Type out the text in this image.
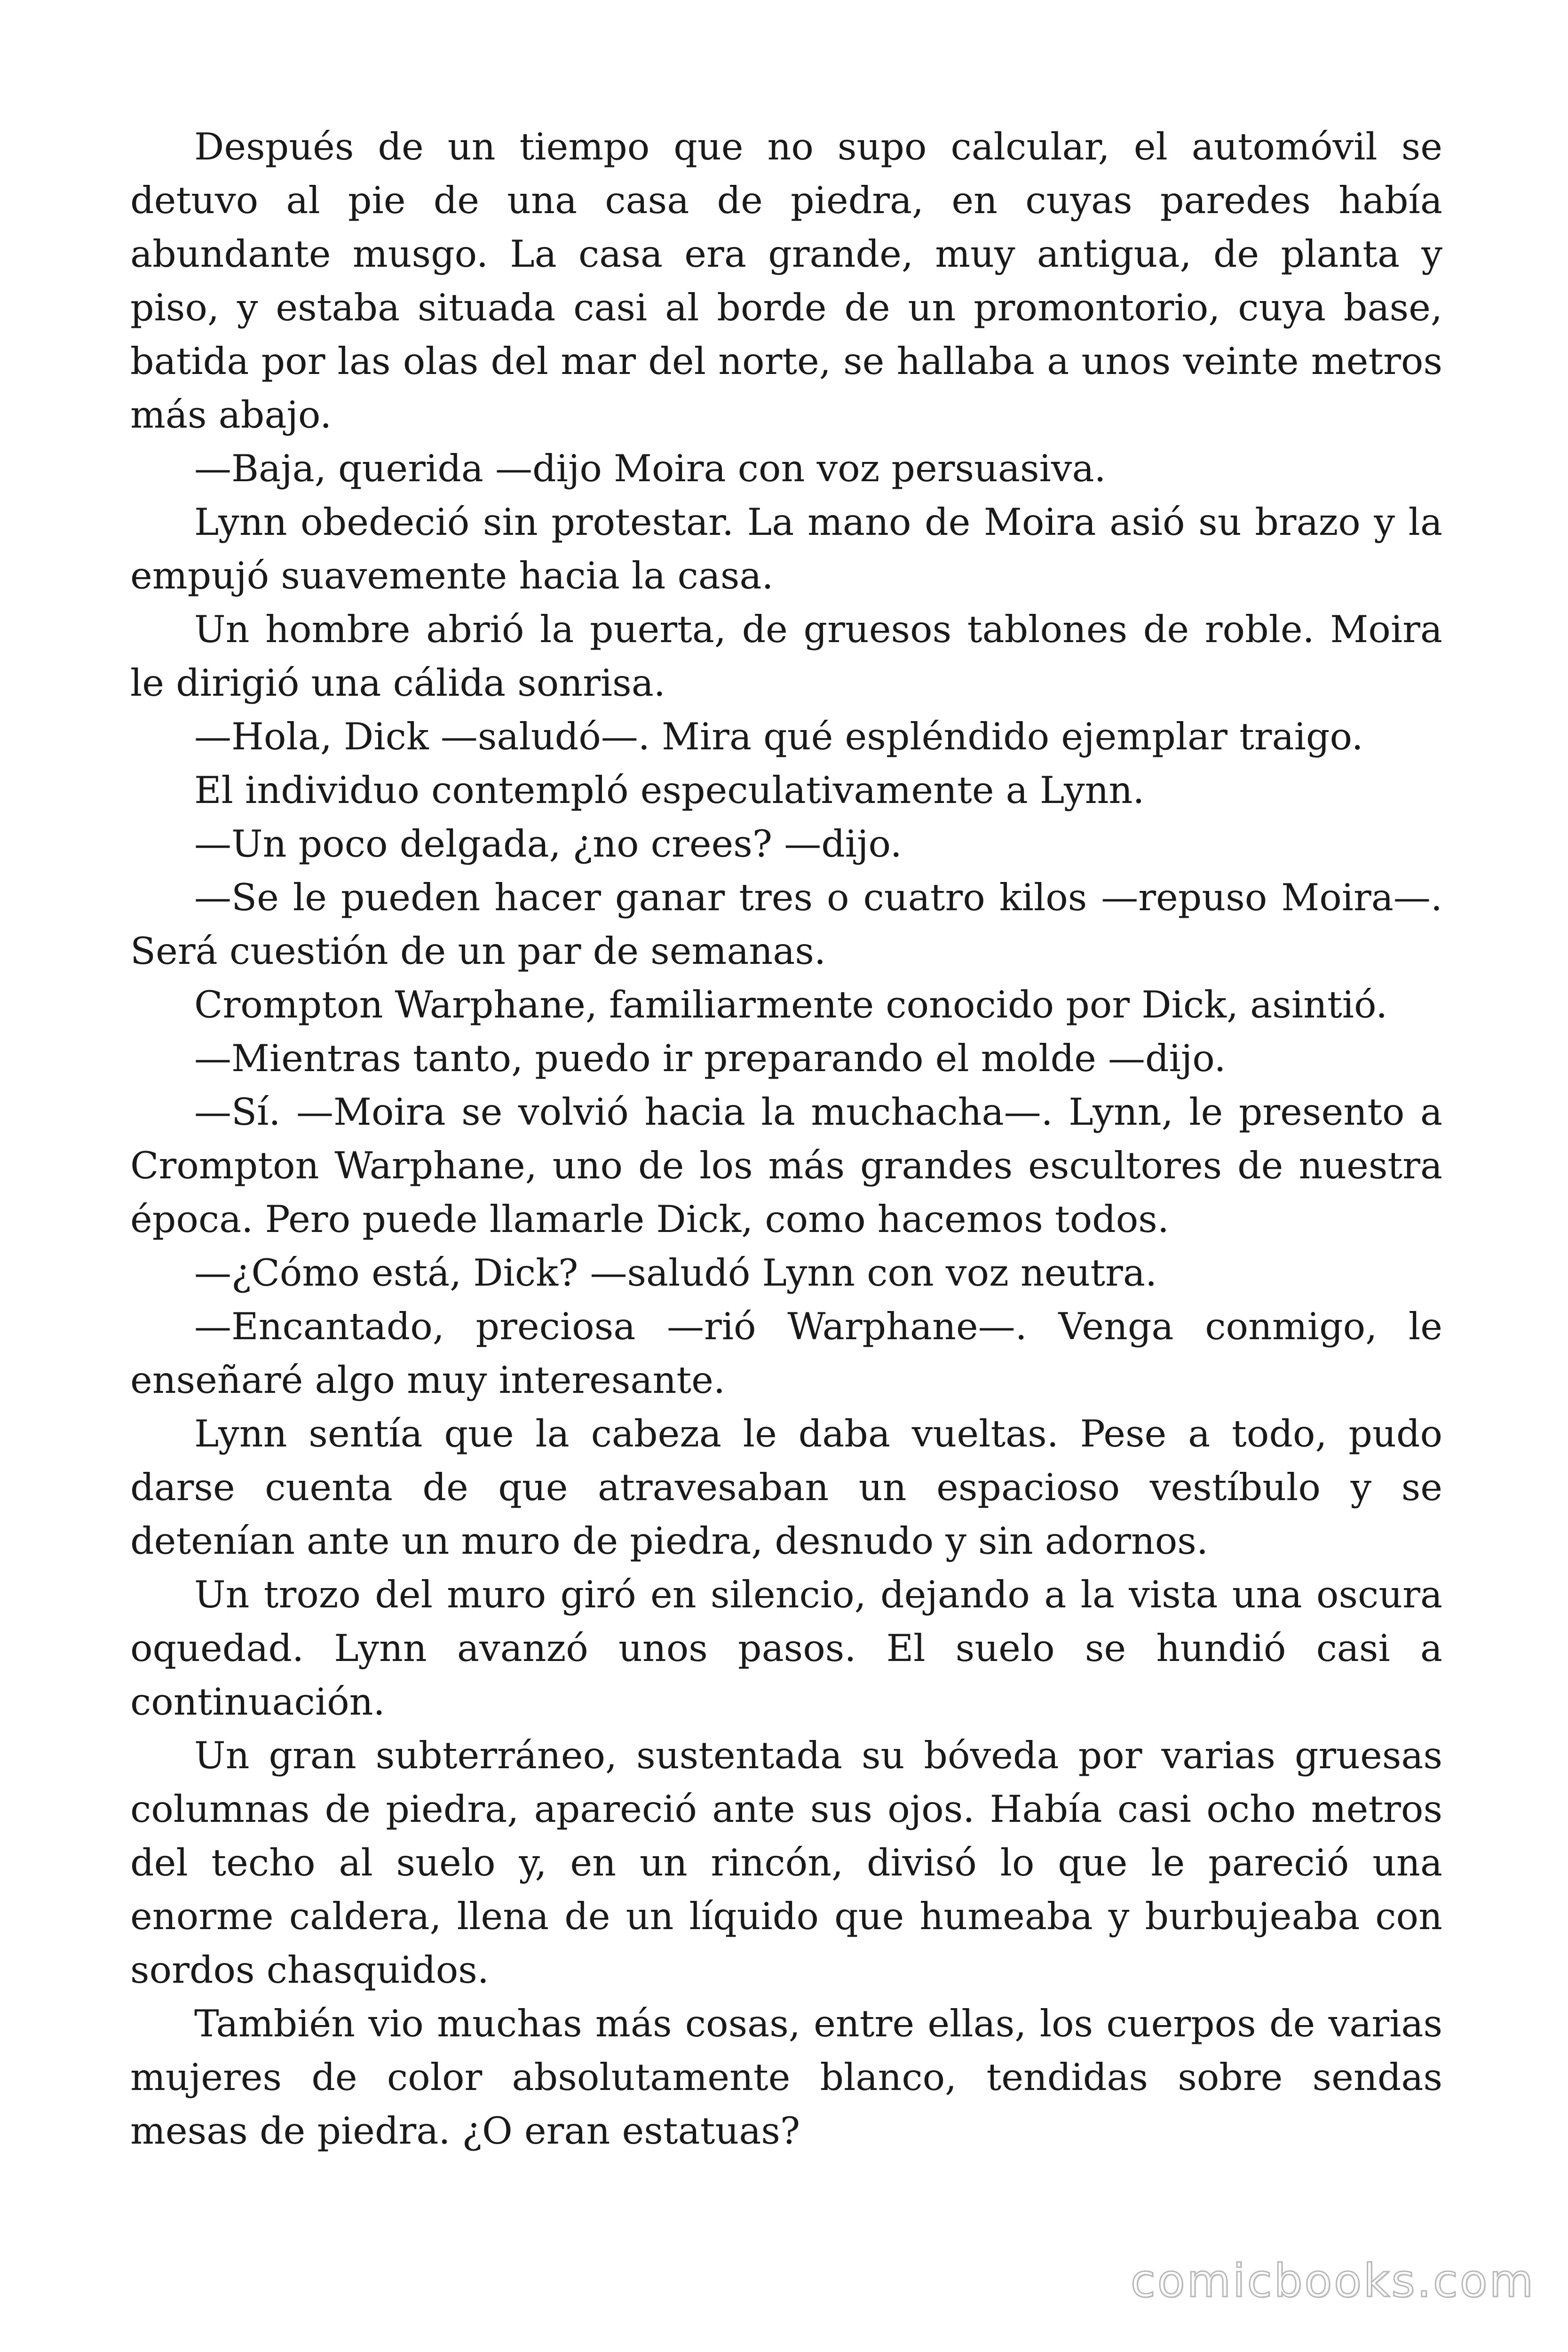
Después de un tiempo que no supo calcular, el automóvil se detuvo al pie de una casa de piedra, en cuyas paredes había abundante musgo. La casa era grande, muy antigua, de planta y piso, y estaba situada casi al borde de un promontorio, cuya base, batida por las olas del mar del norte, se hallaba a unos veinte metros más abajo.

—Baja, querida —dijo Moira con voz persuasiva.

Lynn obedeció sin protestar. La mano de Moira asió su brazo y la empujó suavemente hacia la casa.

Un hombre abrió la puerta, de gruesos tablones de roble. Moira le dirigió una cálida sonrisa.

—Hola, Dick —saludó—. Mira qué espléndido ejemplar traigo.

El individuo contempló especulativamente a Lynn.

—Un poco delgada, ¿no crees? —dijo.

—Se le pueden hacer ganar tres o cuatro kilos —repuso Moira—. Será cuestión de un par de semanas.

Crompton Warphane, familiarmente conocido por Dick, asintió.

—Mientras tanto, puedo ir preparando el molde —dijo.

—Sí. —Moira se volvió hacia la muchacha—. Lynn, le presento a Crompton Warphane, uno de los más grandes escultores de nuestra época. Pero puede llamarle Dick, como hacemos todos.

—¿Cómo está, Dick? —saludó Lynn con voz neutra.

—Encantado, preciosa —rió Warphane—. Venga conmigo, le enseñaré algo muy interesante.

Lynn sentía que la cabeza le daba vueltas. Pese a todo, pudo darse cuenta de que atravesaban un espacioso vestíbulo y se detenían ante un muro de piedra, desnudo y sin adornos.

Un trozo del muro giró en silencio, dejando a la vista una oscura oquedad. Lynn avanzó unos pasos. El suelo se hundió casi a continuación.

Un gran subterráneo, sustentada su bóveda por varias gruesas columnas de piedra, apareció ante sus ojos. Había casi ocho metros del techo al suelo y, en un rincón, divisó lo que le pareció una enorme caldera, llena de un líquido que humeaba y burbujeaba con sordos chasquidos.

También vio muchas más cosas, entre ellas, los cuerpos de varias mujeres de color absolutamente blanco, tendidas sobre sendas mesas de piedra. ¿O eran estatuas?

comicbooks.com
